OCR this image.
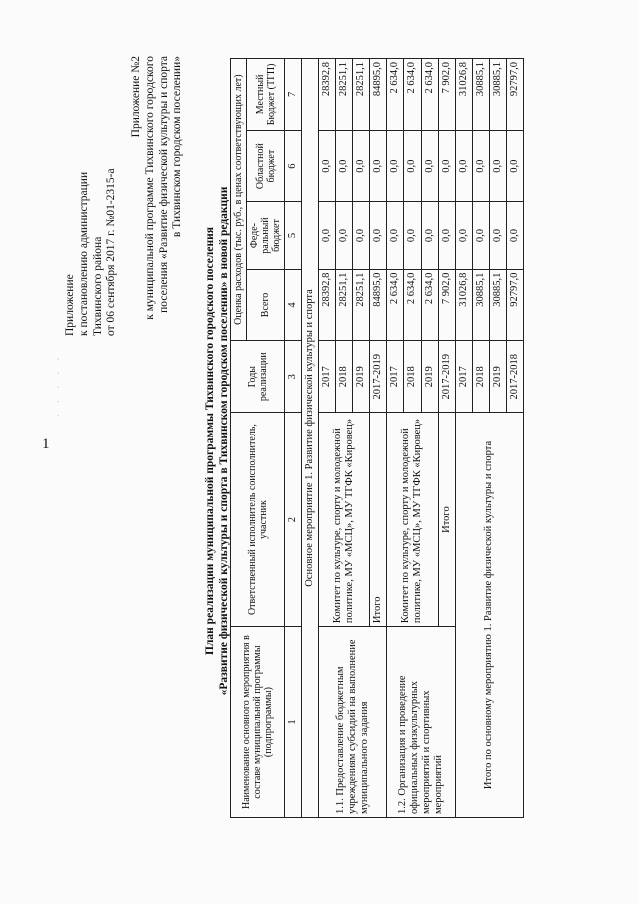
· · · · ·
1
Приложение к постановлению администрации Тихвинского района от 06 сентября 2017 г. №01-2315-а
Приложение №2 к муниципальной программе Тихвинского городского поселения «Развитие физической культуры и спорта в Тихвинском городском поселении»
План реализации муниципальной программы Тихвинского городского поселения «Развитие физической культуры и спорта в Тихвинском городском поселении» в новой редакции
Наименование основного мероприятия в составе муниципальной программы (подпрограммы)	Ответственный исполнитель соисполнитель, участник	Годы реализации	Оценка расходов (тыс. руб., в ценах соответствующих лет)			
			Всего	Феде-ральный бюджет	Областной бюджет	Местный Бюджет (ТГП)
1	2	3	4	5	6	7
Основное мероприятие 1. Развитие физической культуры и спорта						
1.1. Предоставление бюджетным учреждениям субсидий на выполнение муниципального задания	Комитет по культуре, спорту и молодежной политике, МУ «МСЦ», МУ ТГФК «Кировец»	2017	28392,8	0,0	0,0	28392,8
		2018	28251,1	0,0	0,0	28251,1
		2019	28251,1	0,0	0,0	28251,1
	Итого	2017-2019	84895,0	0,0	0,0	84895,0
1.2. Организация и проведение официальных физкультурных мероприятий и спортивных мероприятий	Комитет по культуре, спорту и молодежной политике, МУ «МСЦ», МУ ТГФК «Кировец»	2017	2 634,0	0,0	0,0	2 634,0
		2018	2 634,0	0,0	0,0	2 634,0
		2019	2 634,0	0,0	0,0	2 634,0
	Итого	2017-2019	7 902,0	0,0	0,0	7 902,0
Итого по основному мероприятию 1. Развитие физической культуры и спорта		2017	31026,8	0,0	0,0	31026,8
		2018	30885,1	0,0	0,0	30885,1
		2019	30885,1	0,0	0,0	30885,1
		2017-2018	92797,0	0,0	0,0	92797,0
